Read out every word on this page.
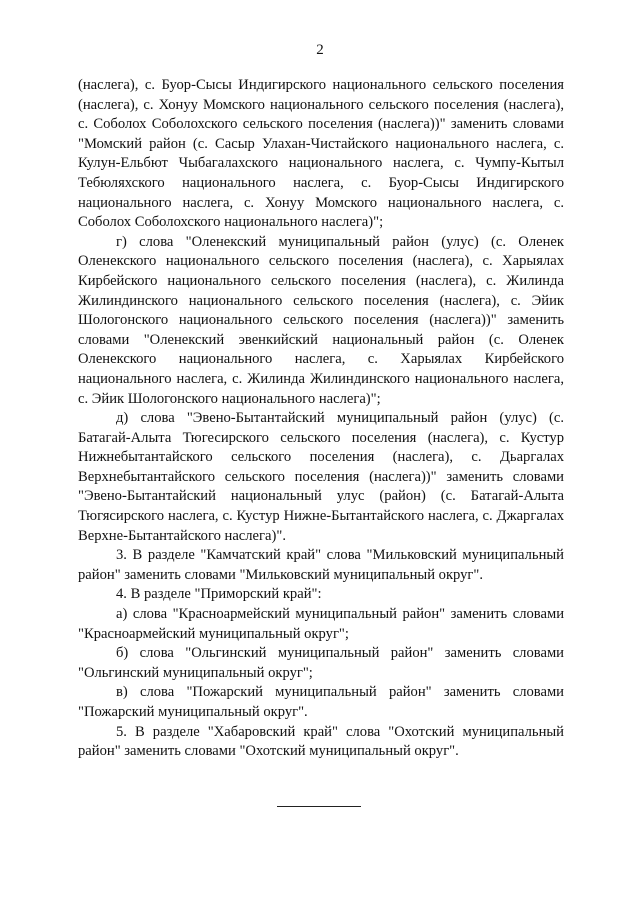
2

(наслега), с. Буор-Сысы Индигирского национального сельского поселения (наслега), с. Хонуу Момского национального сельского поселения (наслега), с. Соболох Соболохского сельского поселения (наслега))" заменить словами "Момский район (с. Сасыр Улахан-Чистайского национального наслега, с. Кулун-Ельбют Чыбагалахского национального наслега, с. Чумпу-Кытыл Тебюляхского национального наслега, с. Буор-Сысы Индигирского национального наслега, с. Хонуу Момского национального наслега, с. Соболох Соболохского национального наслега)";

г) слова "Оленекский муниципальный район (улус) (с. Оленек Оленекского национального сельского поселения (наслега), с. Харыялах Кирбейского национального сельского поселения (наслега), с. Жилинда Жилиндинского национального сельского поселения (наслега), с. Эйик Шологонского национального сельского поселения (наслега))" заменить словами "Оленекский эвенкийский национальный район (с. Оленек Оленекского национального наслега, с. Харыялах Кирбейского национального наслега, с. Жилинда Жилиндинского национального наслега, с. Эйик Шологонского национального наслега)";

д) слова "Эвено-Бытантайский муниципальный район (улус) (с. Батагай-Алыта Тюгесирского сельского поселения (наслега), с. Кустур Нижнебытантайского сельского поселения (наслега), с. Дьаргалах Верхнебытантайского сельского поселения (наслега))" заменить словами "Эвено-Бытантайский национальный улус (район) (с. Батагай-Алыта Тюгясирского наслега, с. Кустур Нижне-Бытантайского наслега, с. Джаргалах Верхне-Бытантайского наслега)".

3. В разделе "Камчатский край" слова "Мильковский муниципальный район" заменить словами "Мильковский муниципальный округ".

4. В разделе "Приморский край":

а) слова "Красноармейский муниципальный район" заменить словами "Красноармейский муниципальный округ";

б) слова "Ольгинский муниципальный район" заменить словами "Ольгинский муниципальный округ";

в) слова "Пожарский муниципальный район" заменить словами "Пожарский муниципальный округ".

5. В разделе "Хабаровский край" слова "Охотский муниципальный район" заменить словами "Охотский муниципальный округ".
